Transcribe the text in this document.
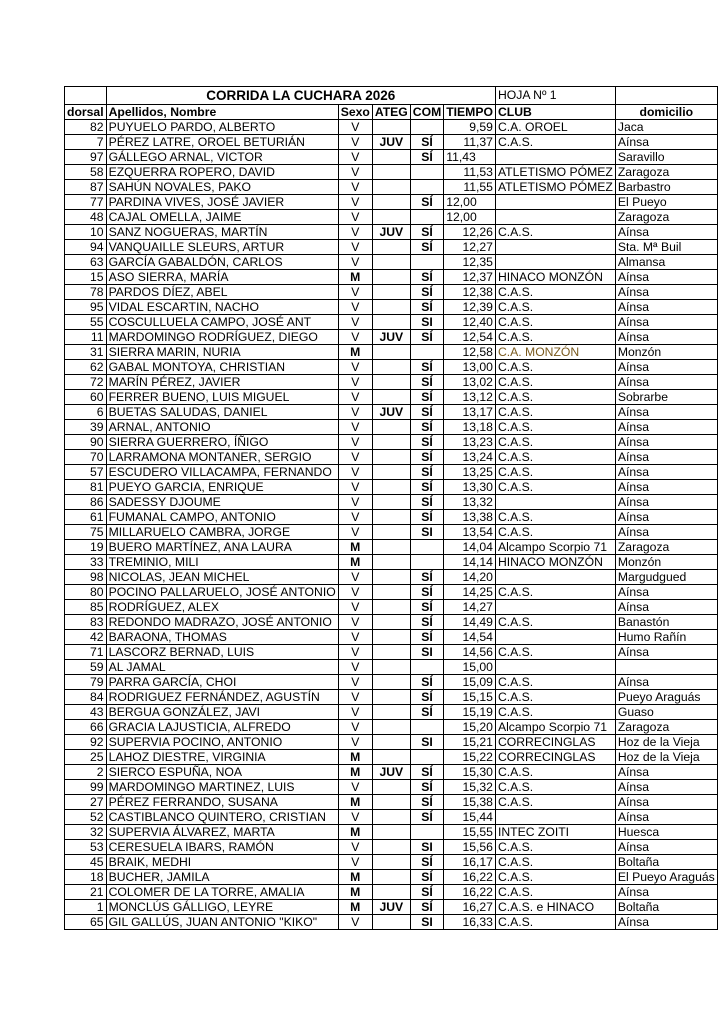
	CORRIDA LA CUCHARA 2026					HOJA Nº 1	
dorsal	Apellidos, Nombre	Sexo	ATEG	COM	TIEMPO	CLUB	domicilio
82	PUYUELO PARDO, ALBERTO	V			9,59	C.A. OROEL	Jaca
7	PÉREZ LATRE, OROEL BETURIÁN	V	JUV	SÍ	11,37	C.A.S.	Aínsa
97	GÁLLEGO ARNAL, VICTOR	V		SÍ	11,43		Saravillo
58	EZQUERRA ROPERO, DAVID	V			11,53	ATLETISMO PÓMEZ	Zaragoza
87	SAHÚN NOVALES, PAKO	V			11,55	ATLETISMO PÓMEZ	Barbastro
77	PARDINA VIVES, JOSÉ JAVIER	V		SÍ	12,00		El Pueyo
48	CAJAL OMELLA, JAIME	V			12,00		Zaragoza
10	SANZ NOGUERAS, MARTÍN	V	JUV	SÍ	12,26	C.A.S.	Aínsa
94	VANQUAILLE SLEURS, ARTUR	V		SÍ	12,27		Sta. Mª Buil
63	GARCÍA GABALDÓN, CARLOS	V			12,35		Almansa
15	ASO SIERRA, MARÍA	M		SÍ	12,37	HINACO MONZÓN	Aínsa
78	PARDOS DÍEZ, ABEL	V		SÍ	12,38	C.A.S.	Aínsa
95	VIDAL ESCARTIN, NACHO	V		SÍ	12,39	C.A.S.	Aínsa
55	COSCULLUELA CAMPO, JOSÉ ANT	V		SI	12,40	C.A.S.	Aínsa
11	MARDOMINGO RODRÍGUEZ, DIEGO	V	JUV	SÍ	12,54	C.A.S.	Aínsa
31	SIERRA MARIN, NURIA	M			12,58	C.A. MONZÓN	Monzón
62	GABAL MONTOYA, CHRISTIAN	V		SÍ	13,00	C.A.S.	Aínsa
72	MARÍN PÉREZ, JAVIER	V		SÍ	13,02	C.A.S.	Aínsa
60	FERRER BUENO, LUIS MIGUEL	V		SÍ	13,12	C.A.S.	Sobrarbe
6	BUETAS SALUDAS, DANIEL	V	JUV	SÍ	13,17	C.A.S.	Aínsa
39	ARNAL, ANTONIO	V		SÍ	13,18	C.A.S.	Aínsa
90	SIERRA GUERRERO, ÍÑIGO	V		SÍ	13,23	C.A.S.	Aínsa
70	LARRAMONA MONTANER, SERGIO	V		SÍ	13,24	C.A.S.	Aínsa
57	ESCUDERO VILLACAMPA, FERNANDO	V		SÍ	13,25	C.A.S.	Aínsa
81	PUEYO GARCIA, ENRIQUE	V		SÍ	13,30	C.A.S.	Aínsa
86	SADESSY DJOUME	V		SÍ	13,32		Aínsa
61	FUMANAL CAMPO, ANTONIO	V		SÍ	13,38	C.A.S.	Aínsa
75	MILLARUELO CAMBRA, JORGE	V		SI	13,54	C.A.S.	Aínsa
19	BUERO MARTÍNEZ, ANA LAURA	M			14,04	Alcampo Scorpio 71	Zaragoza
33	TREMINIO, MILI	M			14,14	HINACO MONZÓN	Monzón
98	NICOLAS, JEAN MICHEL	V		SÍ	14,20		Margudgued
80	POCINO PALLARUELO, JOSÉ ANTONIO	V		SÍ	14,25	C.A.S.	Aínsa
85	RODRÍGUEZ, ALEX	V		SÍ	14,27		Aínsa
83	REDONDO MADRAZO, JOSÉ ANTONIO	V		SÍ	14,49	C.A.S.	Banastón
42	BARAONA, THOMAS	V		SÍ	14,54		Humo Rañín
71	LASCORZ BERNAD, LUIS	V		SI	14,56	C.A.S.	Aínsa
59	AL JAMAL	V			15,00		
79	PARRA GARCÍA, CHOI	V		SÍ	15,09	C.A.S.	Aínsa
84	RODRIGUEZ FERNÁNDEZ, AGUSTÍN	V		SÍ	15,15	C.A.S.	Pueyo Araguás
43	BERGUA GONZÁLEZ, JAVI	V		SÍ	15,19	C.A.S.	Guaso
66	GRACIA LAJUSTICIA, ALFREDO	V			15,20	Alcampo Scorpio 71	Zaragoza
92	SUPERVIA POCINO, ANTONIO	V		SI	15,21	CORRECINGLAS	Hoz de la Vieja
25	LAHOZ DIESTRE, VIRGINIA	M			15,22	CORRECINGLAS	Hoz de la Vieja
2	SIERCO ESPUÑA, NOA	M	JUV	SÍ	15,30	C.A.S.	Aínsa
99	MARDOMINGO MARTINEZ, LUIS	V		SÍ	15,32	C.A.S.	Aínsa
27	PÉREZ FERRANDO, SUSANA	M		SÍ	15,38	C.A.S.	Aínsa
52	CASTIBLANCO QUINTERO, CRISTIAN	V		SÍ	15,44		Aínsa
32	SUPERVIA ÁLVAREZ, MARTA	M			15,55	INTEC ZOITI	Huesca
53	CERESUELA IBARS, RAMÓN	V		SI	15,56	C.A.S.	Aínsa
45	BRAIK, MEDHI	V		SÍ	16,17	C.A.S.	Boltaña
18	BUCHER, JAMILA	M		SÍ	16,22	C.A.S.	El Pueyo Araguás
21	COLOMER DE LA TORRE, AMALIA	M		SÍ	16,22	C.A.S.	Aínsa
1	MONCLÚS GÁLLIGO, LEYRE	M	JUV	SÍ	16,27	C.A.S. e HINACO	Boltaña
65	GIL GALLÚS, JUAN ANTONIO "KIKO"	V		SI	16,33	C.A.S.	Aínsa
